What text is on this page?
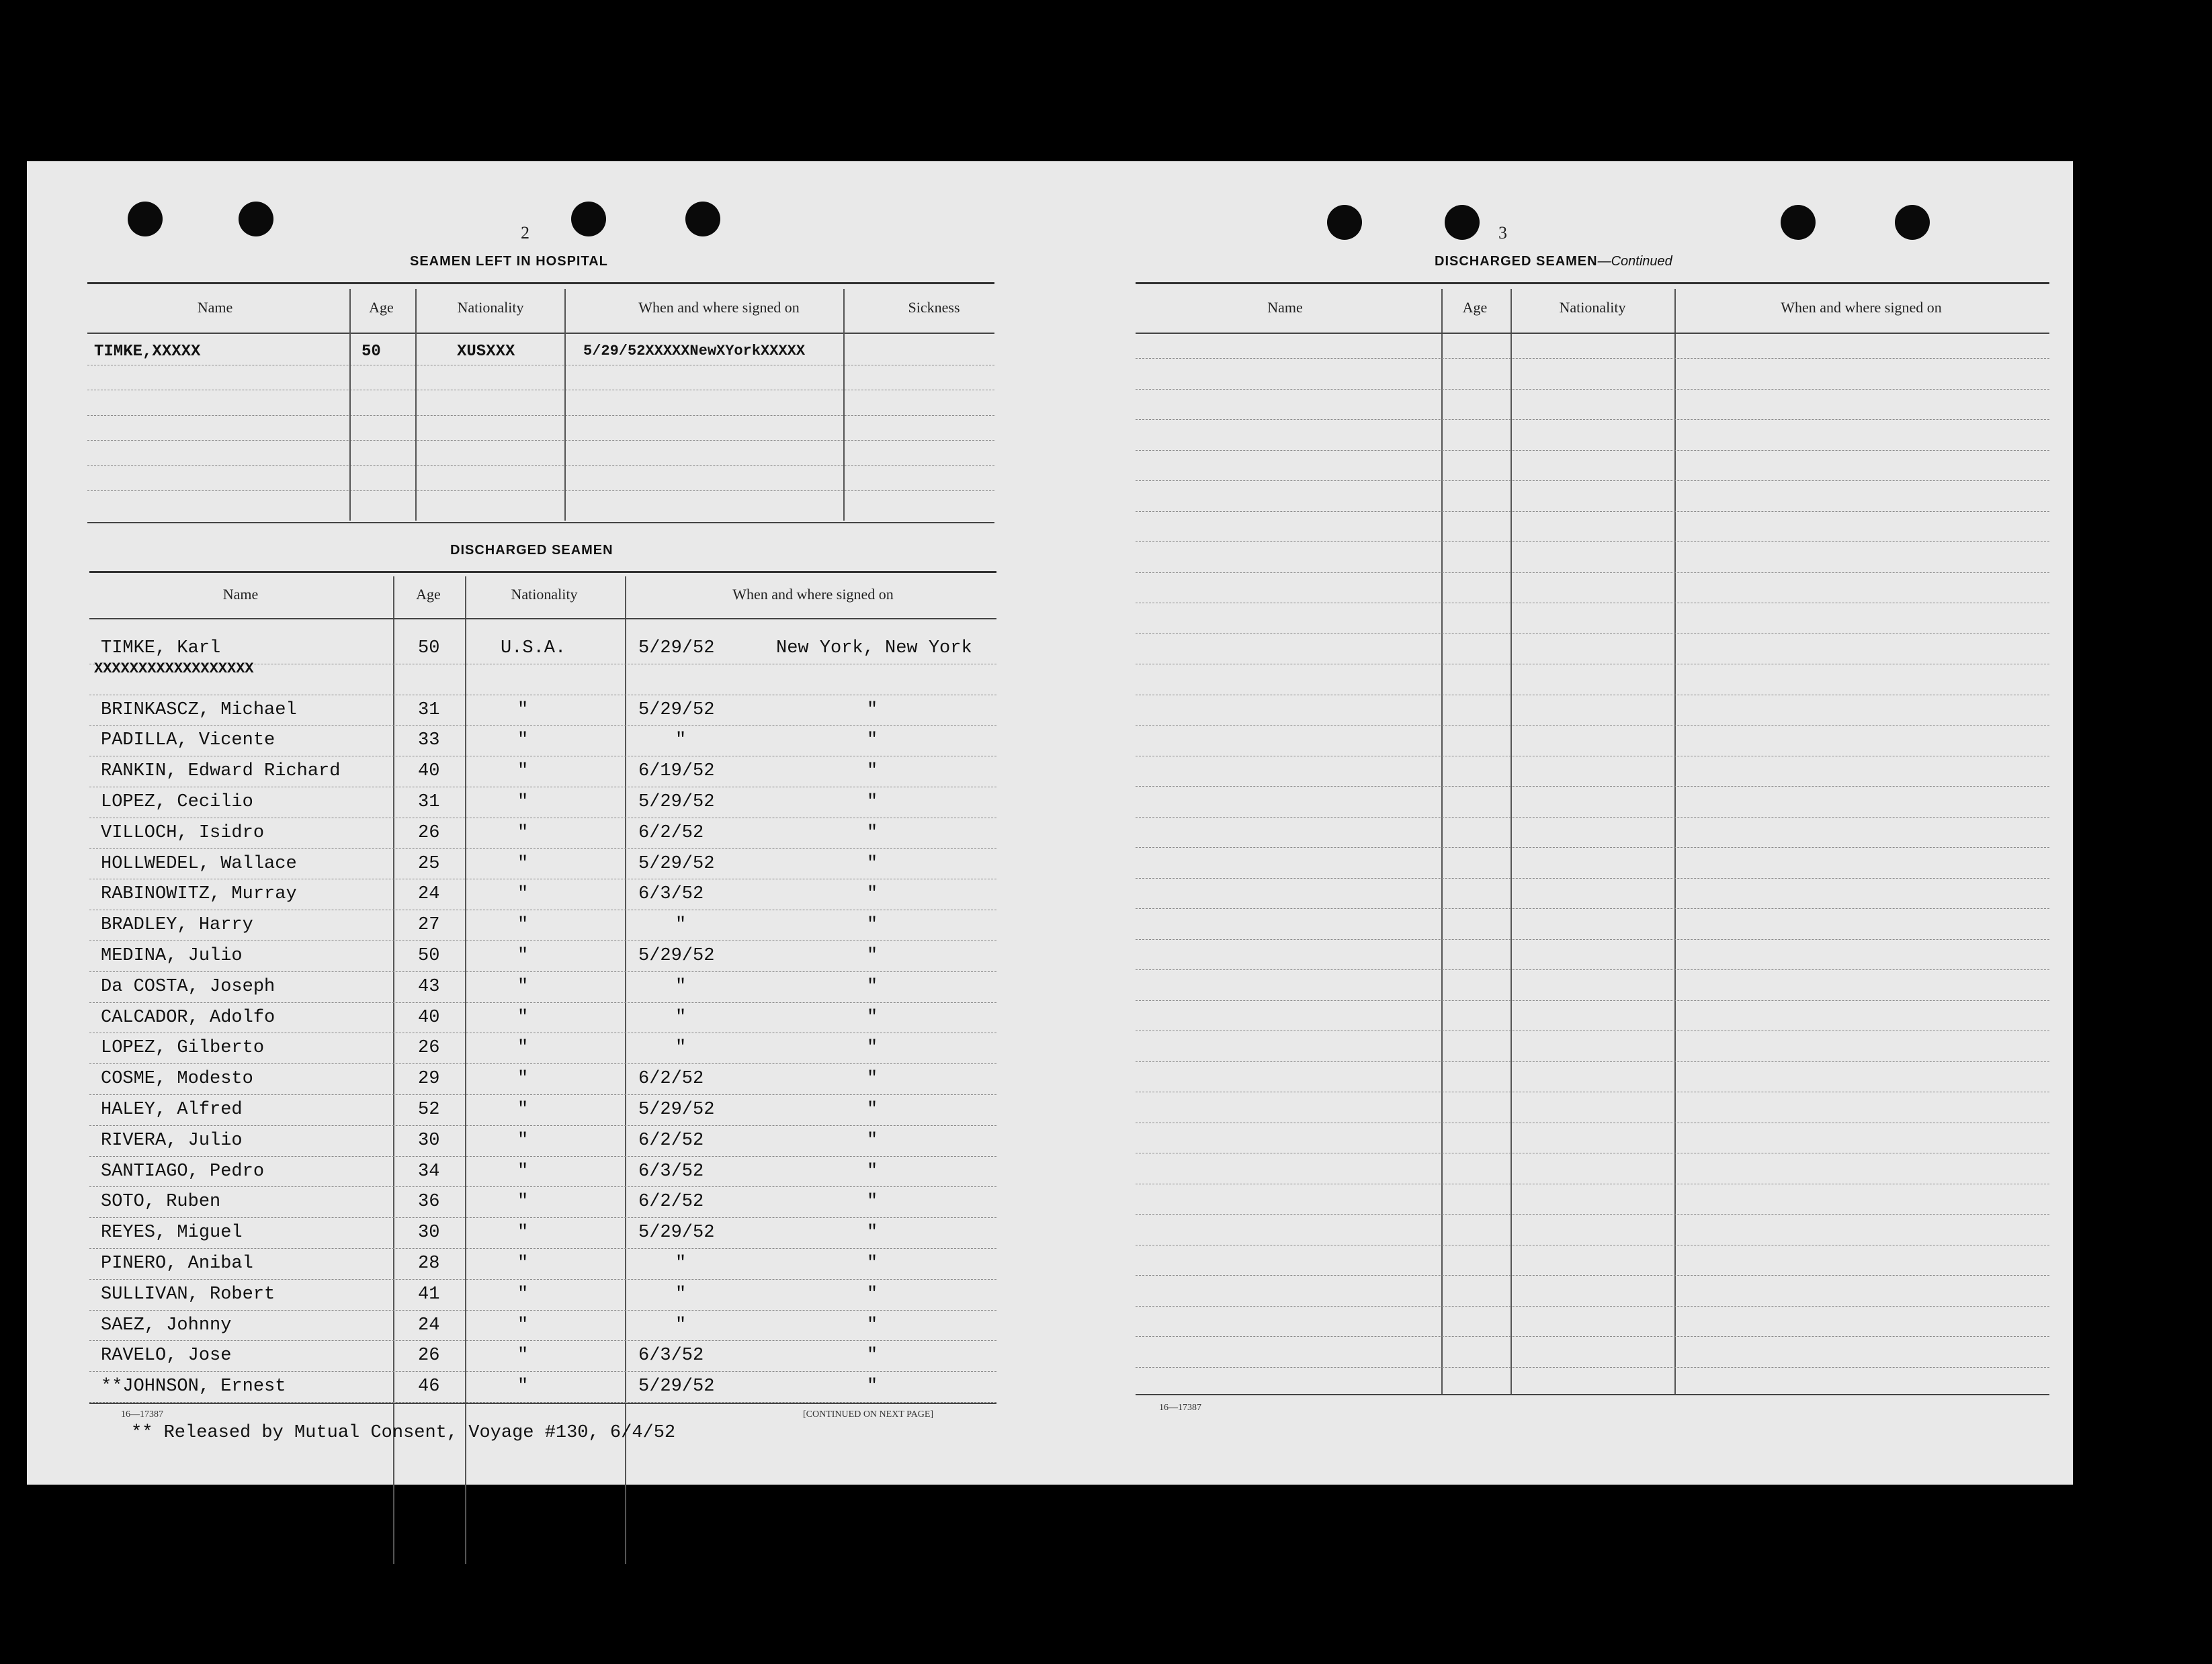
2
SEAMEN LEFT IN HOSPITAL
Name	Age	Nationality	When and where signed on	Sickness
TIMKE,XXXXX	50	XUSXXX	5/29/52XXXXXNewXYorkXXXXX
DISCHARGED SEAMEN
Name	Age	Nationality	When and where signed on
TIMKE, Karl	50	U.S.A.	5/29/52	New York, New York
BRINKASCZ, Michael	31	"	5/29/52	"
PADILLA, Vicente	33	"	"	"
RANKIN, Edward Richard	40	"	6/19/52	"
LOPEZ, Cecilio	31	"	5/29/52	"
VILLOCH, Isidro	26	"	6/2/52	"
HOLLWEDEL, Wallace	25	"	5/29/52	"
RABINOWITZ, Murray	24	"	6/3/52	"
BRADLEY, Harry	27	"	"	"
MEDINA, Julio	50	"	5/29/52	"
Da COSTA, Joseph	43	"	"	"
CALCADOR, Adolfo	40	"	"	"
LOPEZ, Gilberto	26	"	"	"
COSME, Modesto	29	"	6/2/52	"
HALEY, Alfred	52	"	5/29/52	"
RIVERA, Julio	30	"	6/2/52	"
SANTIAGO, Pedro	34	"	6/3/52	"
SOTO, Ruben	36	"	6/2/52	"
REYES, Miguel	30	"	5/29/52	"
PINERO, Anibal	28	"	"	"
SULLIVAN, Robert	41	"	"	"
SAEZ, Johnny	24	"	"	"
RAVELO, Jose	26	"	6/3/52	"
**JOHNSON, Ernest	46	"	5/29/52	"
XXXXXXXXXXXXXXXXXX
16—17387	[CONTINUED ON NEXT PAGE]
** Released by Mutual Consent, Voyage #130, 6/4/52
3
DISCHARGED SEAMEN—Continued
Name	Age	Nationality	When and where signed on
16—17387
